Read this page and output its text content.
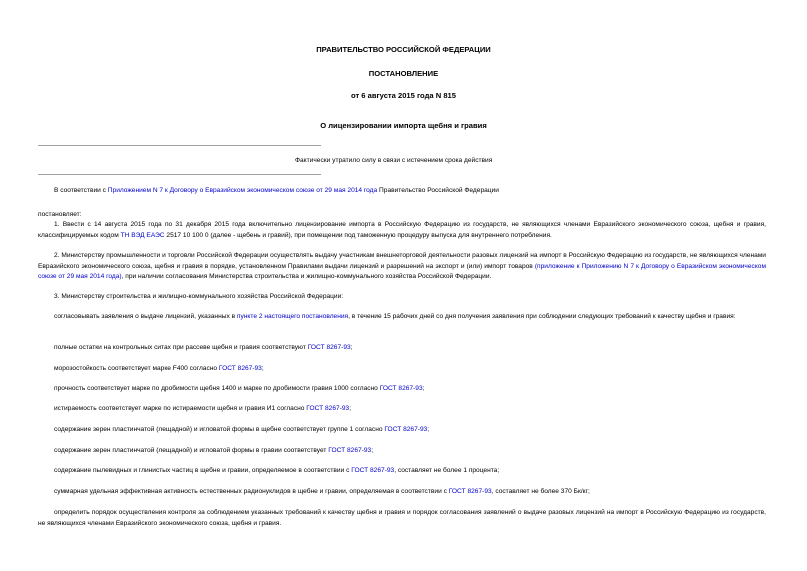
ПРАВИТЕЛЬСТВО РОССИЙСКОЙ ФЕДЕРАЦИИ
ПОСТАНОВЛЕНИЕ
от 6 августа 2015 года N 815
О лицензировании импорта щебня и гравия
Фактически утратило силу в связи с истечением срока действия
В соответствии с Приложением N 7 к Договору о Евразийском экономическом союзе от 29 мая 2014 года Правительство Российской Федерации
постановляет:
1. Ввести с 14 августа 2015 года по 31 декабря 2015 года включительно лицензирование импорта в Российскую Федерацию из государств, не являющихся членами Евразийского экономического союза, щебня и гравия, классифицируемых кодом ТН ВЭД ЕАЭС 2517 10 100 0 (далее - щебень и гравий), при помещении под таможенную процедуру выпуска для внутреннего потребления.
2. Министерству промышленности и торговли Российской Федерации осуществлять выдачу участникам внешнеторговой деятельности разовых лицензий на импорт в Российскую Федерацию из государств, не являющихся членами Евразийского экономического союза, щебня и гравия в порядке, установленном Правилами выдачи лицензий и разрешений на экспорт и (или) импорт товаров (приложение к Приложению N 7 к Договору о Евразийском экономическом союзе от 29 мая 2014 года), при наличии согласования Министерства строительства и жилищно-коммунального хозяйства Российской Федерации.
3. Министерству строительства и жилищно-коммунального хозяйства Российской Федерации:
согласовывать заявления о выдаче лицензий, указанных в пункте 2 настоящего постановления, в течение 15 рабочих дней со дня получения заявления при соблюдении следующих требований к качеству щебня и гравия:
полные остатки на контрольных ситах при рассеве щебня и гравия соответствуют ГОСТ 8267-93;
морозостойкость соответствует марке F400 согласно ГОСТ 8267-93;
прочность соответствует марке по дробимости щебня 1400 и марке по дробимости гравия 1000 согласно ГОСТ 8267-93;
истираемость соответствует марке по истираемости щебня и гравия И1 согласно ГОСТ 8267-93;
содержание зерен пластинчатой (лещадной) и игловатой формы в щебне соответствует группе 1 согласно ГОСТ 8267-93;
содержание зерен пластинчатой (лещадной) и игловатой формы в гравии соответствует ГОСТ 8267-93;
содержание пылевидных и глинистых частиц в щебне и гравии, определяемое в соответствии с ГОСТ 8267-93, составляет не более 1 процента;
суммарная удельная эффективная активность естественных радионуклидов в щебне и гравии, определяемая в соответствии с ГОСТ 8267-93, составляет не более 370 Бк/кг;
определить порядок осуществления контроля за соблюдением указанных требований к качеству щебня и гравия и порядок согласования заявлений о выдаче разовых лицензий на импорт в Российскую Федерацию из государств, не являющихся членами Евразийского экономического союза, щебня и гравия.
